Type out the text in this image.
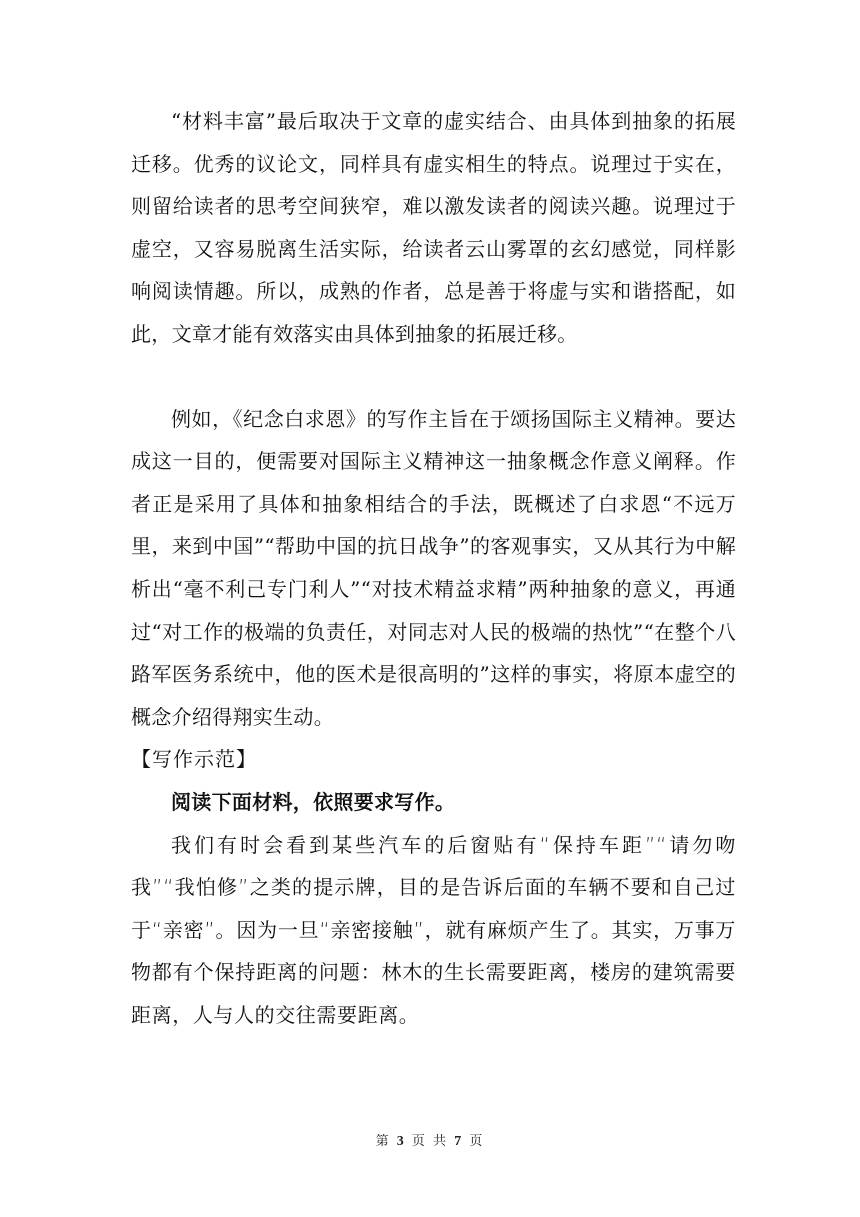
“材料丰富”最后取决于文章的虚实结合、由具体到抽象的拓展迁移。优秀的议论文，同样具有虚实相生的特点。说理过于实在，则留给读者的思考空间狭窄，难以激发读者的阅读兴趣。说理过于虚空，又容易脱离生活实际，给读者云山雾罩的玄幻感觉，同样影响阅读情趣。所以，成熟的作者，总是善于将虚与实和谐搭配，如此，文章才能有效落实由具体到抽象的拓展迁移。

例如，《纪念白求恩》的写作主旨在于颂扬国际主义精神。要达成这一目的，便需要对国际主义精神这一抽象概念作意义阐释。作者正是采用了具体和抽象相结合的手法，既概述了白求恩“不远万里，来到中国”“帮助中国的抗日战争”的客观事实，又从其行为中解析出“毫不利己专门利人”“对技术精益求精”两种抽象的意义，再通过“对工作的极端的负责任，对同志对人民的极端的热忱”“在整个八路军医务系统中，他的医术是很高明的”这样的事实，将原本虚空的概念介绍得翔实生动。

【写作示范】

阅读下面材料，依照要求写作。

我们有时会看到某些汽车的后窗贴有“保持车距”“请勿吻我”“我怕修”之类的提示牌，目的是告诉后面的车辆不要和自己过于“亲密”。因为一旦“亲密接触”，就有麻烦产生了。其实，万事万物都有个保持距离的问题：林木的生长需要距离，楼房的建筑需要距离，人与人的交往需要距离。

第 3 页 共 7 页
